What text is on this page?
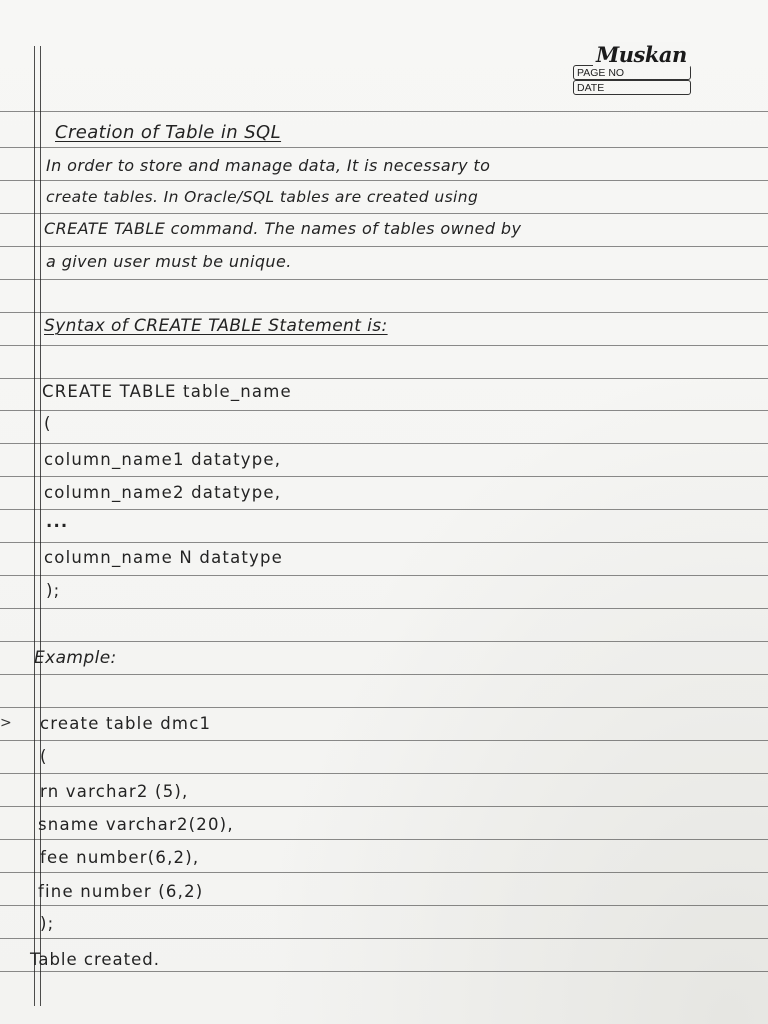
PAGE NO
DATE
Muskan
Creation of Table in SQL
In order to store and manage data, It is necessary to
create tables. In Oracle/SQL tables are created using
CREATE TABLE command. The names of tables owned by
a given user must be unique.
Syntax of CREATE TABLE Statement is:
CREATE TABLE table_name
(
column_name1 datatype,
column_name2 datatype,
...
column_name N datatype
);
Example:
> create table dmc1
(
rn varchar2 (5),
sname varchar2(20),
fee number(6,2),
fine number (6,2)
);
Table created.
